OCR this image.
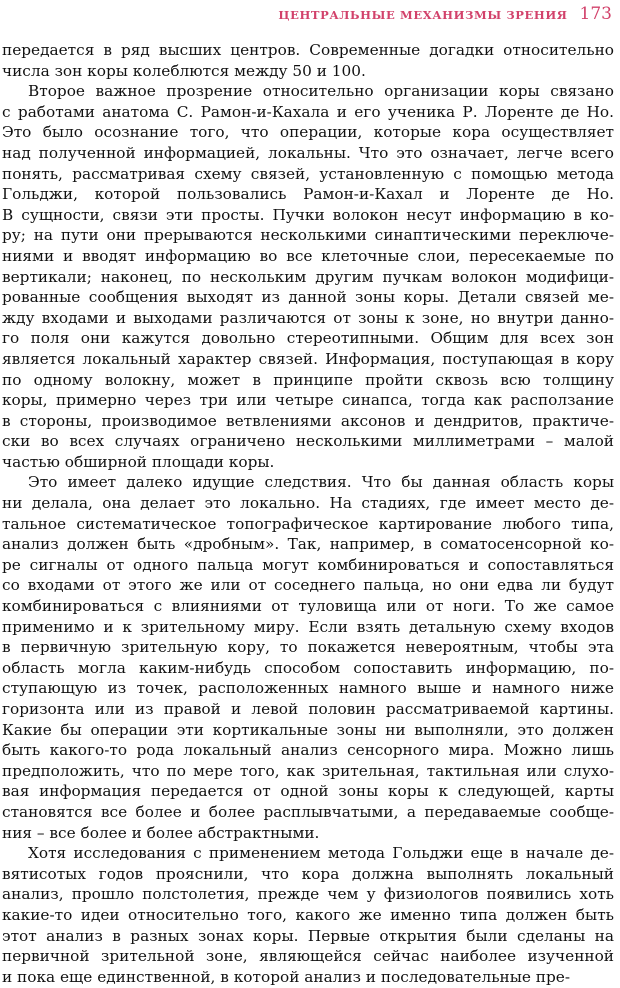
ЦЕНТРАЛЬНЫЕ МЕХАНИЗМЫ ЗРЕНИЯ 173
передается в ряд высших центров. Современные догадки относительно
числа зон коры колеблются между 50 и 100.
Второе важное прозрение относительно организации коры связано
с работами анатома С. Рамон-и-Кахала и его ученика Р. Лоренте де Но.
Это было осознание того, что операции, которые кора осуществляет
над полученной информацией, локальны. Что это означает, легче всего
понять, рассматривая схему связей, установленную с помощью метода
Гольджи, которой пользовались Рамон-и-Кахал и Лоренте де Но.
В сущности, связи эти просты. Пучки волокон несут информацию в ко-
ру; на пути они прерываются несколькими синаптическими переключе-
ниями и вводят информацию во все клеточные слои, пересекаемые по
вертикали; наконец, по нескольким другим пучкам волокон модифици-
рованные сообщения выходят из данной зоны коры. Детали связей ме-
жду входами и выходами различаются от зоны к зоне, но внутри данно-
го поля они кажутся довольно стереотипными. Общим для всех зон
является локальный характер связей. Информация, поступающая в кору
по одному волокну, может в принципе пройти сквозь всю толщину
коры, примерно через три или четыре синапса, тогда как расползание
в стороны, производимое ветвлениями аксонов и дендритов, практиче-
ски во всех случаях ограничено несколькими миллиметрами – малой
частью обширной площади коры.
Это имеет далеко идущие следствия. Что бы данная область коры
ни делала, она делает это локально. На стадиях, где имеет место де-
тальное систематическое топографическое картирование любого типа,
анализ должен быть «дробным». Так, например, в соматосенсорной ко-
ре сигналы от одного пальца могут комбинироваться и сопоставляться
со входами от этого же или от соседнего пальца, но они едва ли будут
комбинироваться с влияниями от туловища или от ноги. То же самое
применимо и к зрительному миру. Если взять детальную схему входов
в первичную зрительную кору, то покажется невероятным, чтобы эта
область могла каким-нибудь способом сопоставить информацию, по-
ступающую из точек, расположенных намного выше и намного ниже
горизонта или из правой и левой половин рассматриваемой картины.
Какие бы операции эти кортикальные зоны ни выполняли, это должен
быть какого-то рода локальный анализ сенсорного мира. Можно лишь
предположить, что по мере того, как зрительная, тактильная или слухо-
вая информация передается от одной зоны коры к следующей, карты
становятся все более и более расплывчатыми, а передаваемые сообще-
ния – все более и более абстрактными.
Хотя исследования с применением метода Гольджи еще в начале де-
вятисотых годов прояснили, что кора должна выполнять локальный
анализ, прошло полстолетия, прежде чем у физиологов появились хоть
какие-то идеи относительно того, какого же именно типа должен быть
этот анализ в разных зонах коры. Первые открытия были сделаны на
первичной зрительной зоне, являющейся сейчас наиболее изученной
и пока еще единственной, в которой анализ и последовательные пре-
